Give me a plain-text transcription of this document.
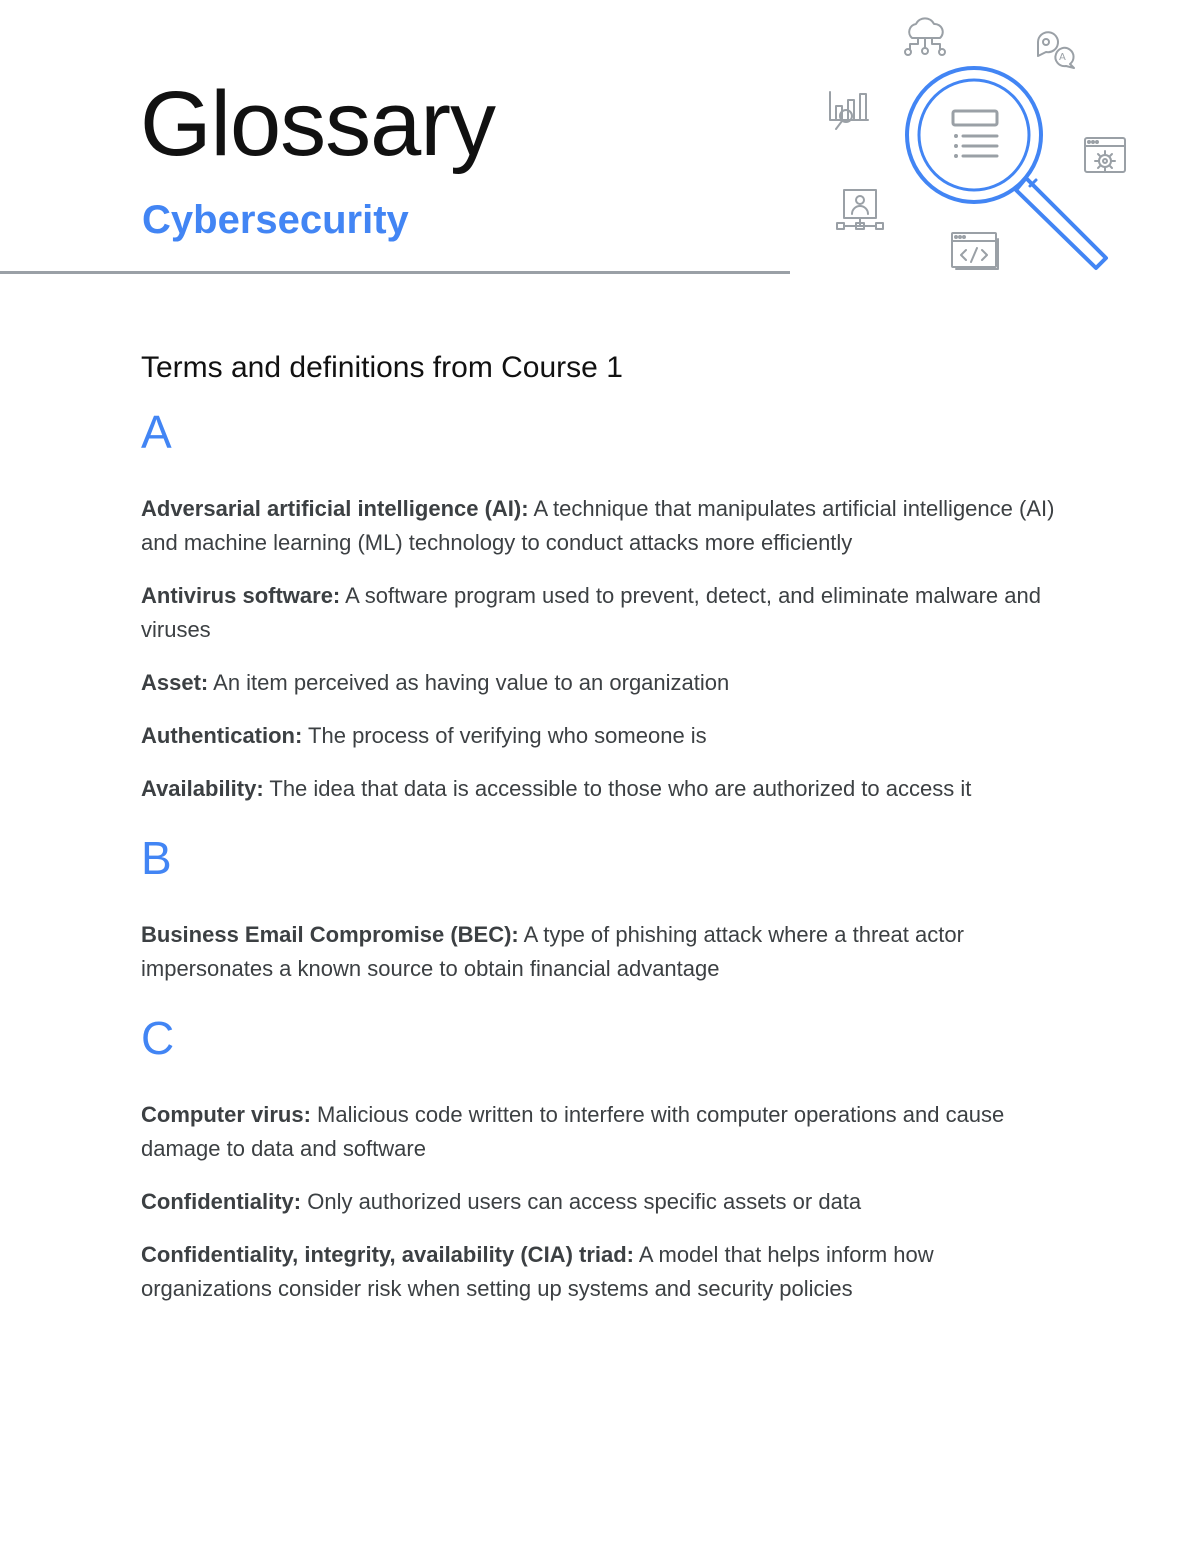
Glossary
Cybersecurity
A
Terms and definitions from Course 1
A

Adversarial artificial intelligence (AI): A technique that manipulates artificial intelligence (AI) and machine learning (ML) technology to conduct attacks more efficiently

Antivirus software: A software program used to prevent, detect, and eliminate malware and viruses

Asset: An item perceived as having value to an organization

Authentication: The process of verifying who someone is

Availability: The idea that data is accessible to those who are authorized to access it

B

Business Email Compromise (BEC): A type of phishing attack where a threat actor impersonates a known source to obtain financial advantage

C

Computer virus: Malicious code written to interfere with computer operations and cause damage to data and software

Confidentiality: Only authorized users can access specific assets or data

Confidentiality, integrity, availability (CIA) triad: A model that helps inform how organizations consider risk when setting up systems and security policies
